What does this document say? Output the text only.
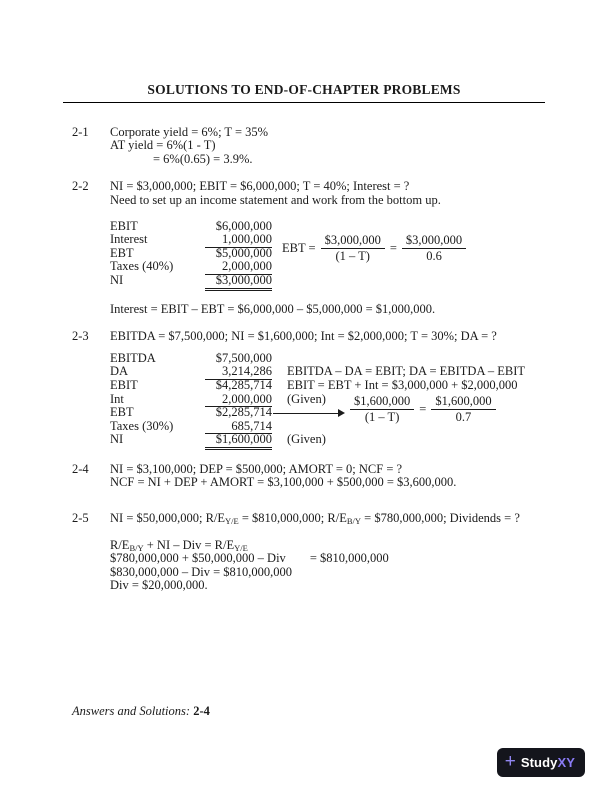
SOLUTIONS TO END-OF-CHAPTER PROBLEMS
2-1	Corporate yield = 6%; T = 35%
AT yield = 6%(1 - T)
= 6%(0.65) = 3.9%.
2-2	NI = $3,000,000; EBIT = $6,000,000; T = 40%; Interest = ?
Need to set up an income statement and work from the bottom up.
EBIT	$6,000,000
Interest	1,000,000
EBT	$5,000,000
Taxes (40%)	2,000,000
NI	$3,000,000
EBT = $\frac{\$3,000,000}{(1 - T)} = \frac{\$3,000,000}{0.6}$
Interest = EBIT – EBT = $6,000,000 – $5,000,000 = $1,000,000.
2-3	EBITDA = $7,500,000; NI = $1,600,000; Int = $2,000,000; T = 30%; DA = ?
EBITDA	$7,500,000
DA	3,214,286 EBITDA – DA = EBIT; DA = EBITDA – EBIT
EBIT	$4,285,714 EBIT = EBT + Int = $3,000,000 + $2,000,000
Int	2,000,000 (Given)
EBT	$2,285,714
Taxes (30%)	685,714
NI	$1,600,000 (Given)
$\frac{\$1,600,000}{(1 - T)} = \frac{\$1,600,000}{0.7}$
2-4	NI = $3,100,000; DEP = $500,000; AMORT = 0; NCF = ?
NCF = NI + DEP + AMORT = $3,100,000 + $500,000 = $3,600,000.
2-5	NI = $50,000,000; $R/E_{Y/E}$ = $810,000,000; $R/E_{B/Y}$ = $780,000,000; Dividends = ?
$R/E_{B/Y}$ + NI – Div = $R/E_{Y/E}$
$780,000,000 + $50,000,000 – Div = $810,000,000
$830,000,000 – Div = $810,000,000
Div = $20,000,000.
Answers and Solutions: 2-4
+ StudyXY
